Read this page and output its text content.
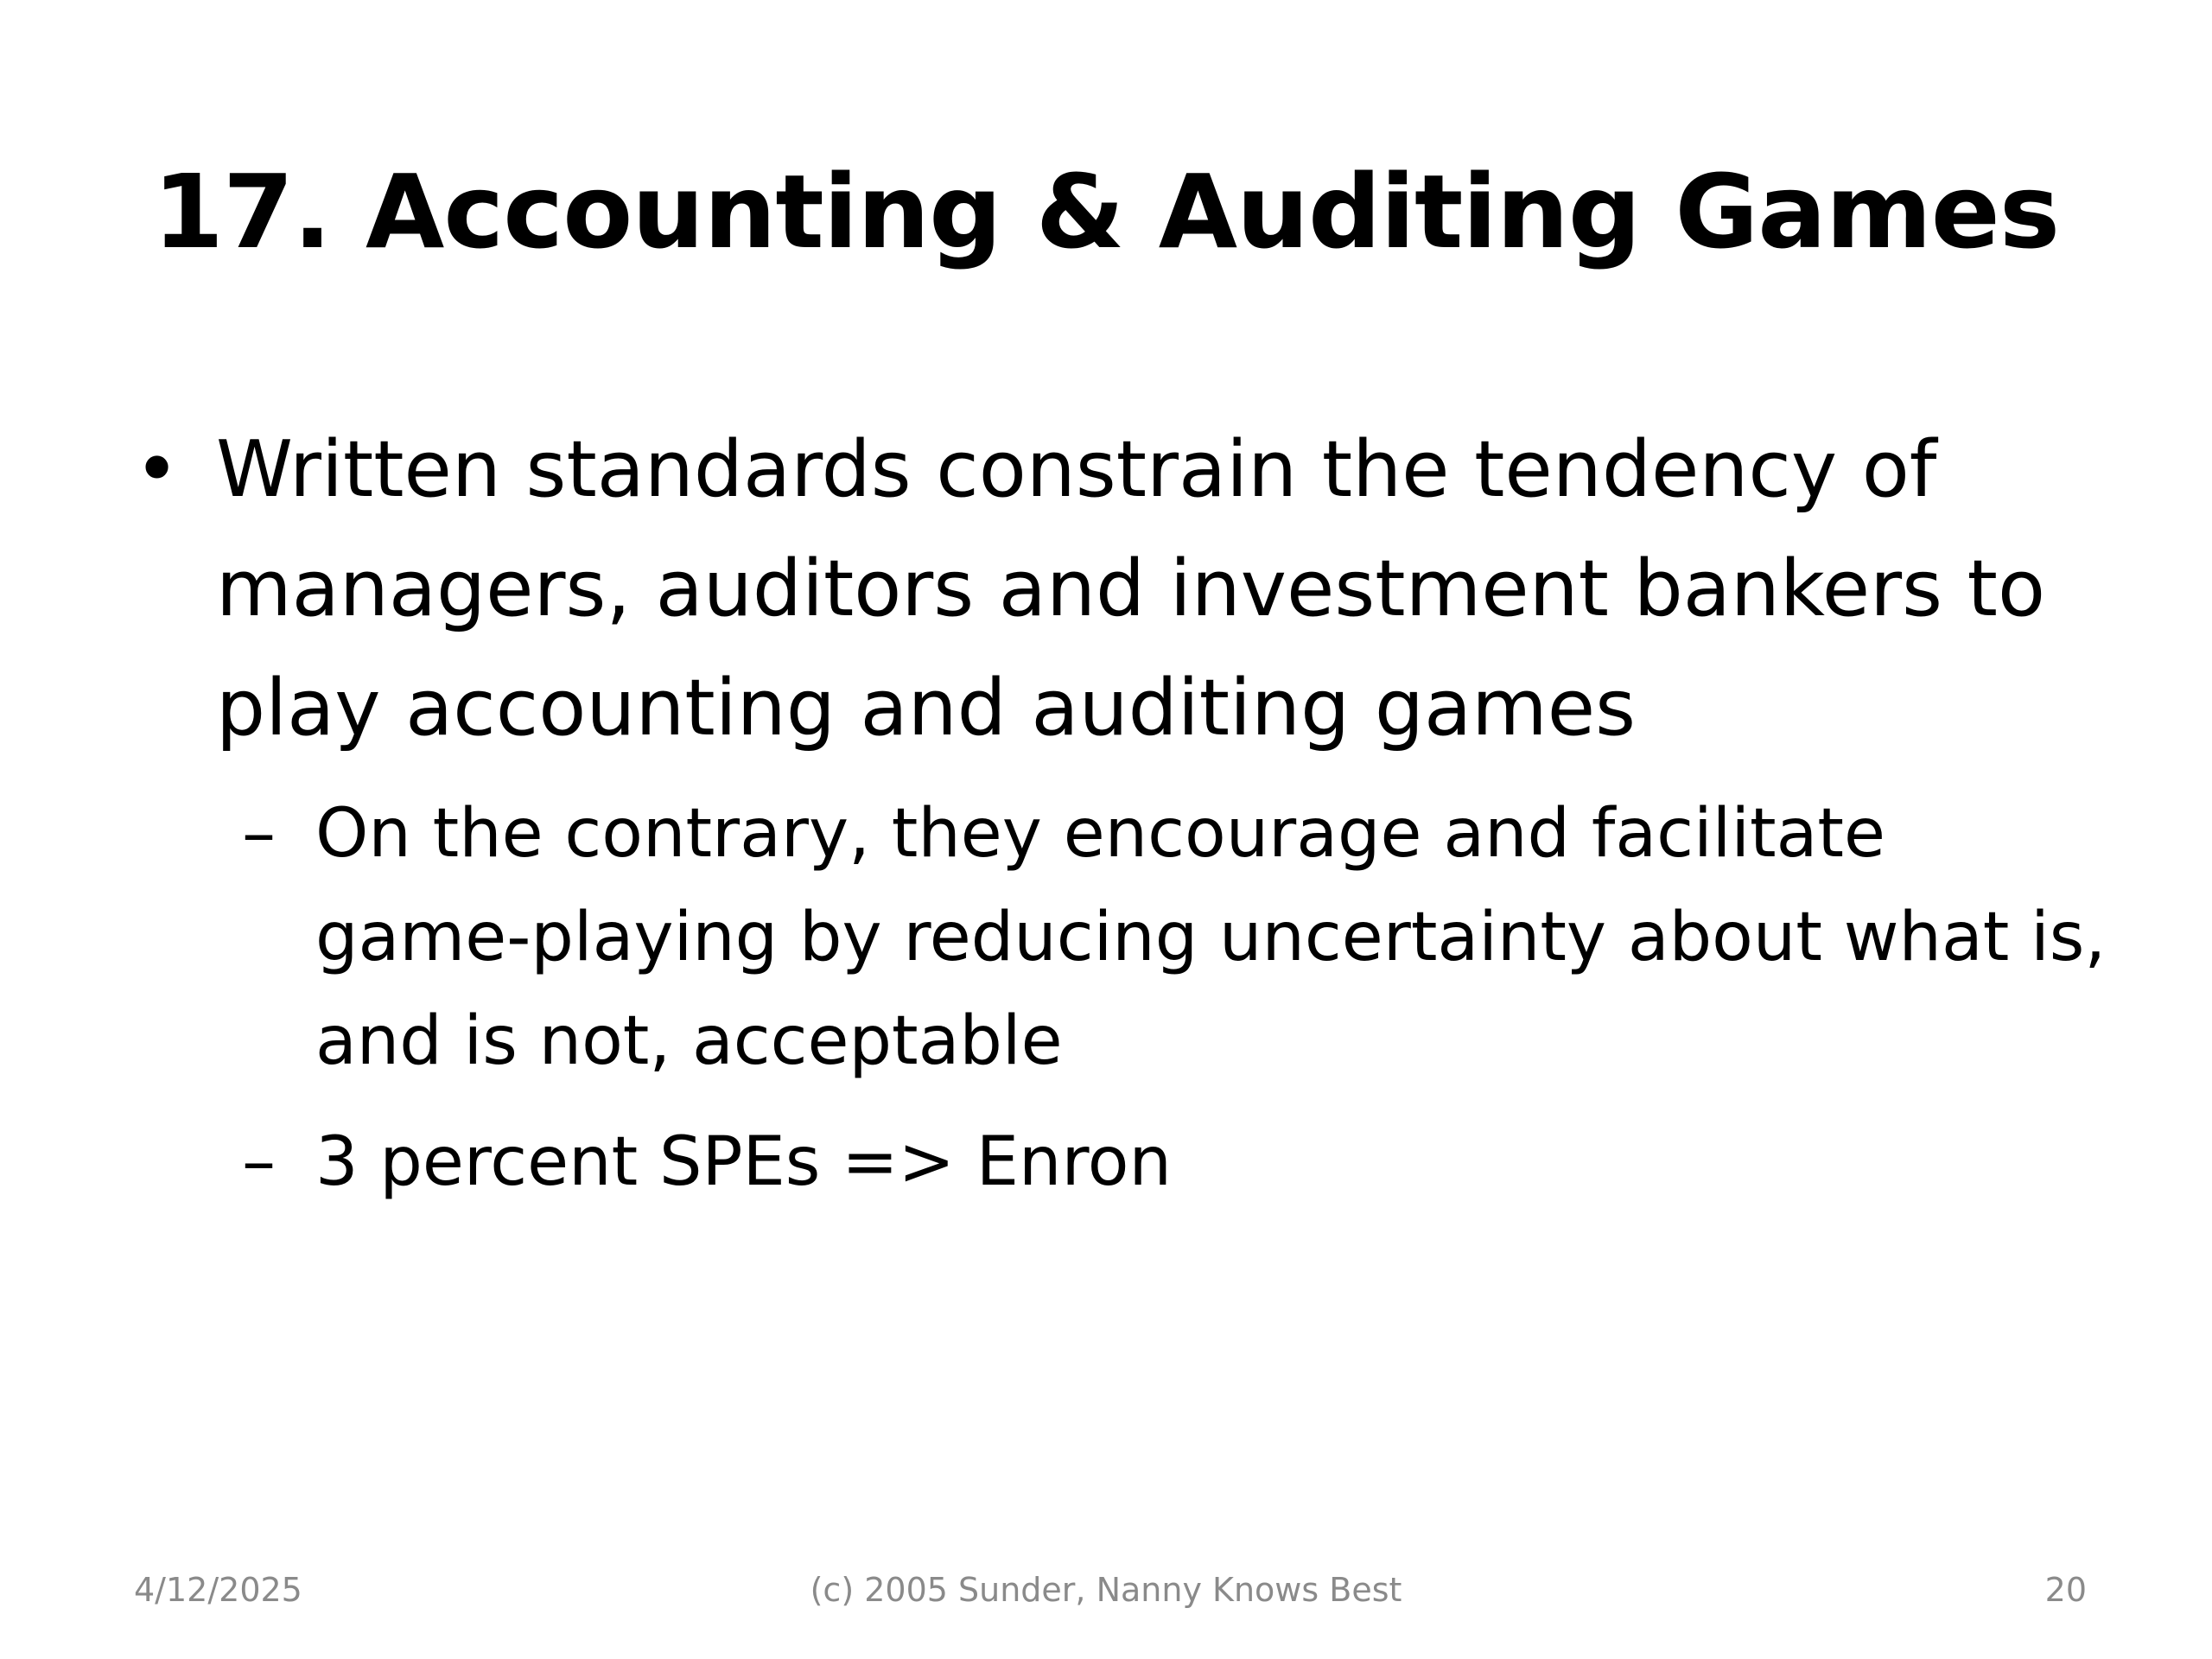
17. Accounting & Auditing Games
• Written standards constrain the tendency of managers, auditors and investment bankers to play accounting and auditing games
– On the contrary, they encourage and facilitate game-playing by reducing uncertainty about what is, and is not, acceptable
– 3 percent SPEs => Enron
4/12/2025	(c) 2005 Sunder, Nanny Knows Best	20
